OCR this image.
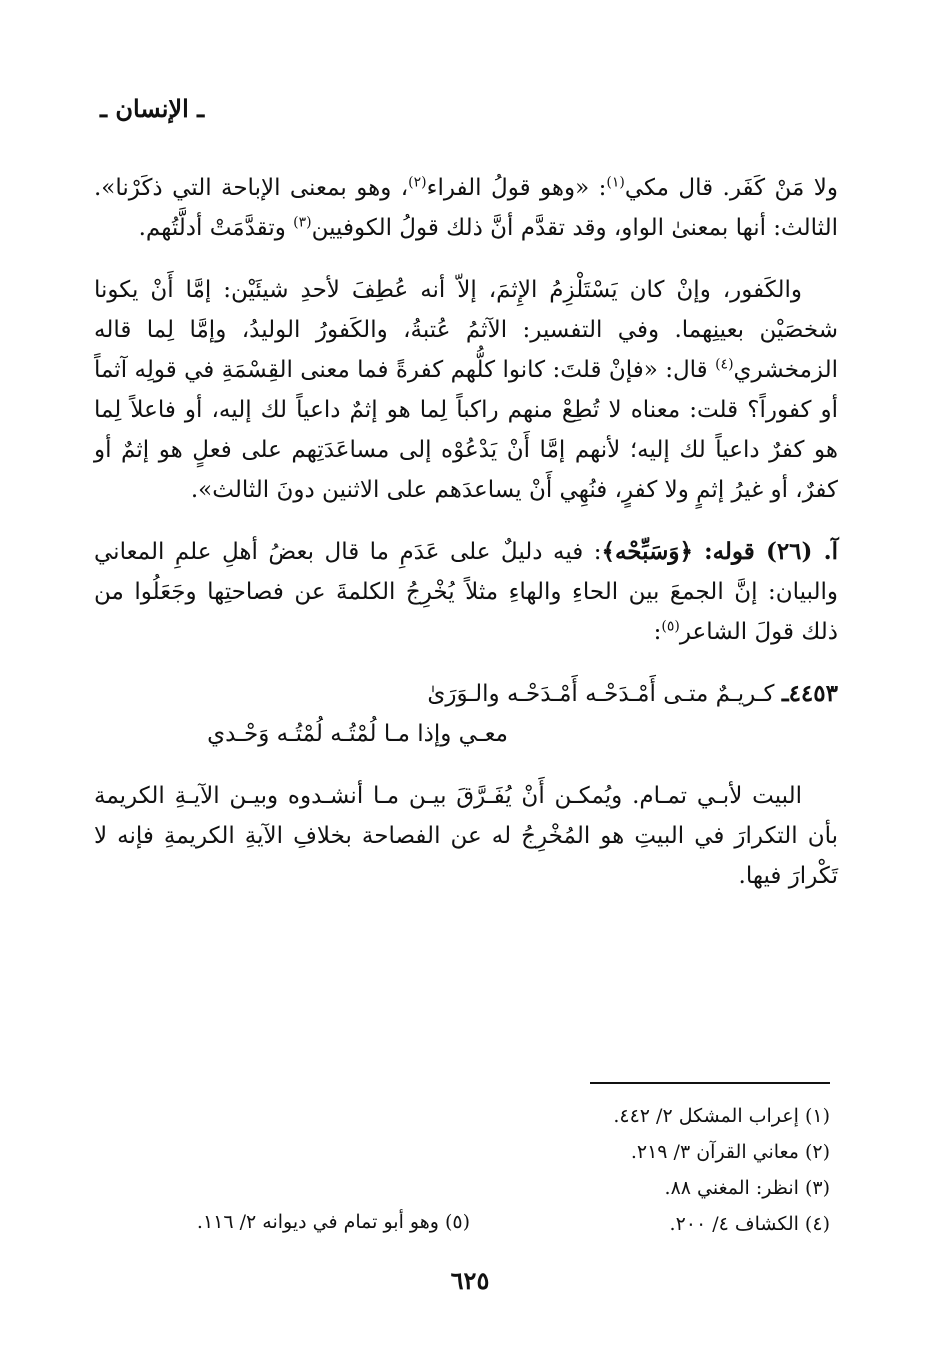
ـ الإنسان ـ

ولا مَنْ كَفَر. قال مكي$^{(١)}$: «وهو قولُ الفراء$^{(٢)}$، وهو بمعنى الإباحة التي ذكَرْنا». الثالث: أنها بمعنىٰ الواو، وقد تقدَّم أنَّ ذلك قولُ الكوفيين$^{(٣)}$ وتقدَّمَتْ أدلَّتُهم.

والكَفور، وإنْ كان يَسْتَلْزِمُ الإِثمَ، إلاّ أنه عُطِفَ لأحدِ شيئَيْن: إمَّا أَنْ يكونا شخصَيْن بعينِهما. وفي التفسير: الآثمُ عُتبةُ، والكَفورُ الوليدُ، وإمَّا لِما قاله الزمخشري$^{(٤)}$ قال: «فإنْ قلتَ: كانوا كلُّهم كفرةً فما معنى القِسْمَةِ في قولِه آثماً أو كفوراً؟ قلت: معناه لا تُطِعْ منهم راكباً لِما هو إثمٌ داعياً لك إليه، أو فاعلاً لِما هو كفرٌ داعياً لك إليه؛ لأنهم إمَّا أَنْ يَدْعُوْه إلى مساعَدَتِهم على فعلٍ هو إثمٌ أو كفرٌ، أو غيرُ إثمٍ ولا كفرٍ، فنُهِي أَنْ يساعدَهم على الاثنين دونَ الثالث».

آ. (٢٦) قوله: ﴿وَسَبِّحْه﴾: فيه دليلٌ على عَدَمِ ما قال بعضُ أهلِ علمِ المعاني والبيان: إنَّ الجمعَ بين الحاءِ والهاءِ مثلاً يُخْرِجُ الكلمةَ عن فصاحتِها وجَعَلُوا من ذلك قولَ الشاعر$^{(٥)}$:

٤٤٥٣ـ كـريـمٌ متـى أَمْـدَحْـه أَمْـدَحْـه والـوَرَىٰ

معـي وإذا مـا لُمْتُـه لُمْتُـه وَحْـدي

البيت لأبـي تمـام. ويُمكـن أَنْ يُفَـرَّقَ بيـن مـا أنشـدوه وبيـن الآيـةِ الكريمة بأن التكرارَ في البيتِ هو المُخْرِجُ له عن الفصاحة بخلافِ الآيةِ الكريمةِ فإنه لا تَكْرارَ فيها.

(١) إعراب المشكل ٢/ ٤٤٢.

(٢) معاني القرآن ٣/ ٢١٩.

(٣) انظر: المغني ٨٨.

(٤) الكشاف ٤/ ٢٠٠.

(٥) وهو أبو تمام في ديوانه ٢/ ١١٦.

٦٢٥
